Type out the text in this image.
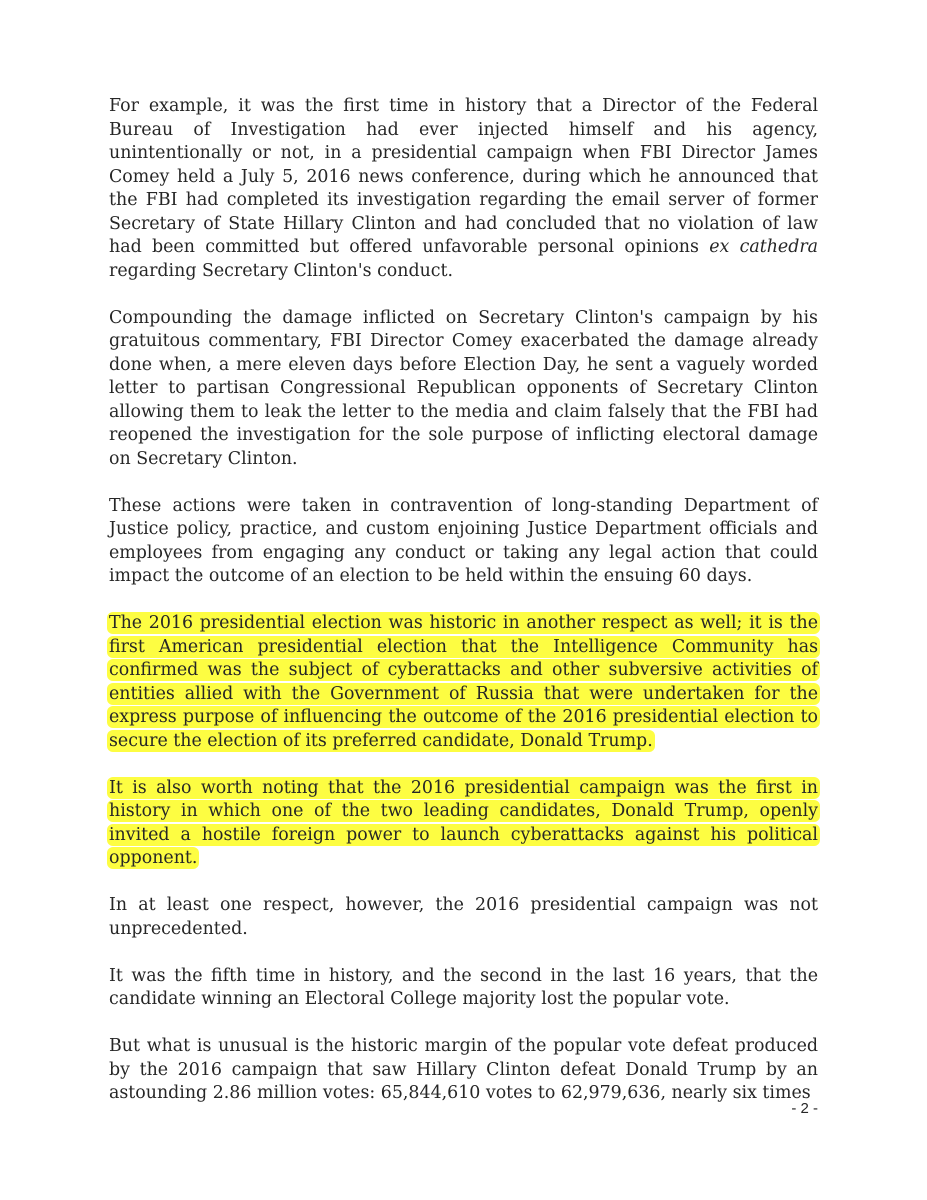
For example, it was the first time in history that a Director of the Federal Bureau of Investigation had ever injected himself and his agency, unintentionally or not, in a presidential campaign when FBI Director James Comey held a July 5, 2016 news conference, during which he announced that the FBI had completed its investigation regarding the email server of former Secretary of State Hillary Clinton and had concluded that no violation of law had been committed but offered unfavorable personal opinions ex cathedra regarding Secretary Clinton's conduct.

Compounding the damage inflicted on Secretary Clinton's campaign by his gratuitous commentary, FBI Director Comey exacerbated the damage already done when, a mere eleven days before Election Day, he sent a vaguely worded letter to partisan Congressional Republican opponents of Secretary Clinton allowing them to leak the letter to the media and claim falsely that the FBI had reopened the investigation for the sole purpose of inflicting electoral damage on Secretary Clinton.

These actions were taken in contravention of long-standing Department of Justice policy, practice, and custom enjoining Justice Department officials and employees from engaging any conduct or taking any legal action that could impact the outcome of an election to be held within the ensuing 60 days.

The 2016 presidential election was historic in another respect as well; it is the first American presidential election that the Intelligence Community has confirmed was the subject of cyberattacks and other subversive activities of entities allied with the Government of Russia that were undertaken for the express purpose of influencing the outcome of the 2016 presidential election to secure the election of its preferred candidate, Donald Trump.

It is also worth noting that the 2016 presidential campaign was the first in history in which one of the two leading candidates, Donald Trump, openly invited a hostile foreign power to launch cyberattacks against his political opponent.

In at least one respect, however, the 2016 presidential campaign was not unprecedented.

It was the fifth time in history, and the second in the last 16 years, that the candidate winning an Electoral College majority lost the popular vote.

But what is unusual is the historic margin of the popular vote defeat produced by the 2016 campaign that saw Hillary Clinton defeat Donald Trump by an astounding 2.86 million votes: 65,844,610 votes to 62,979,636, nearly six times

- 2 -
